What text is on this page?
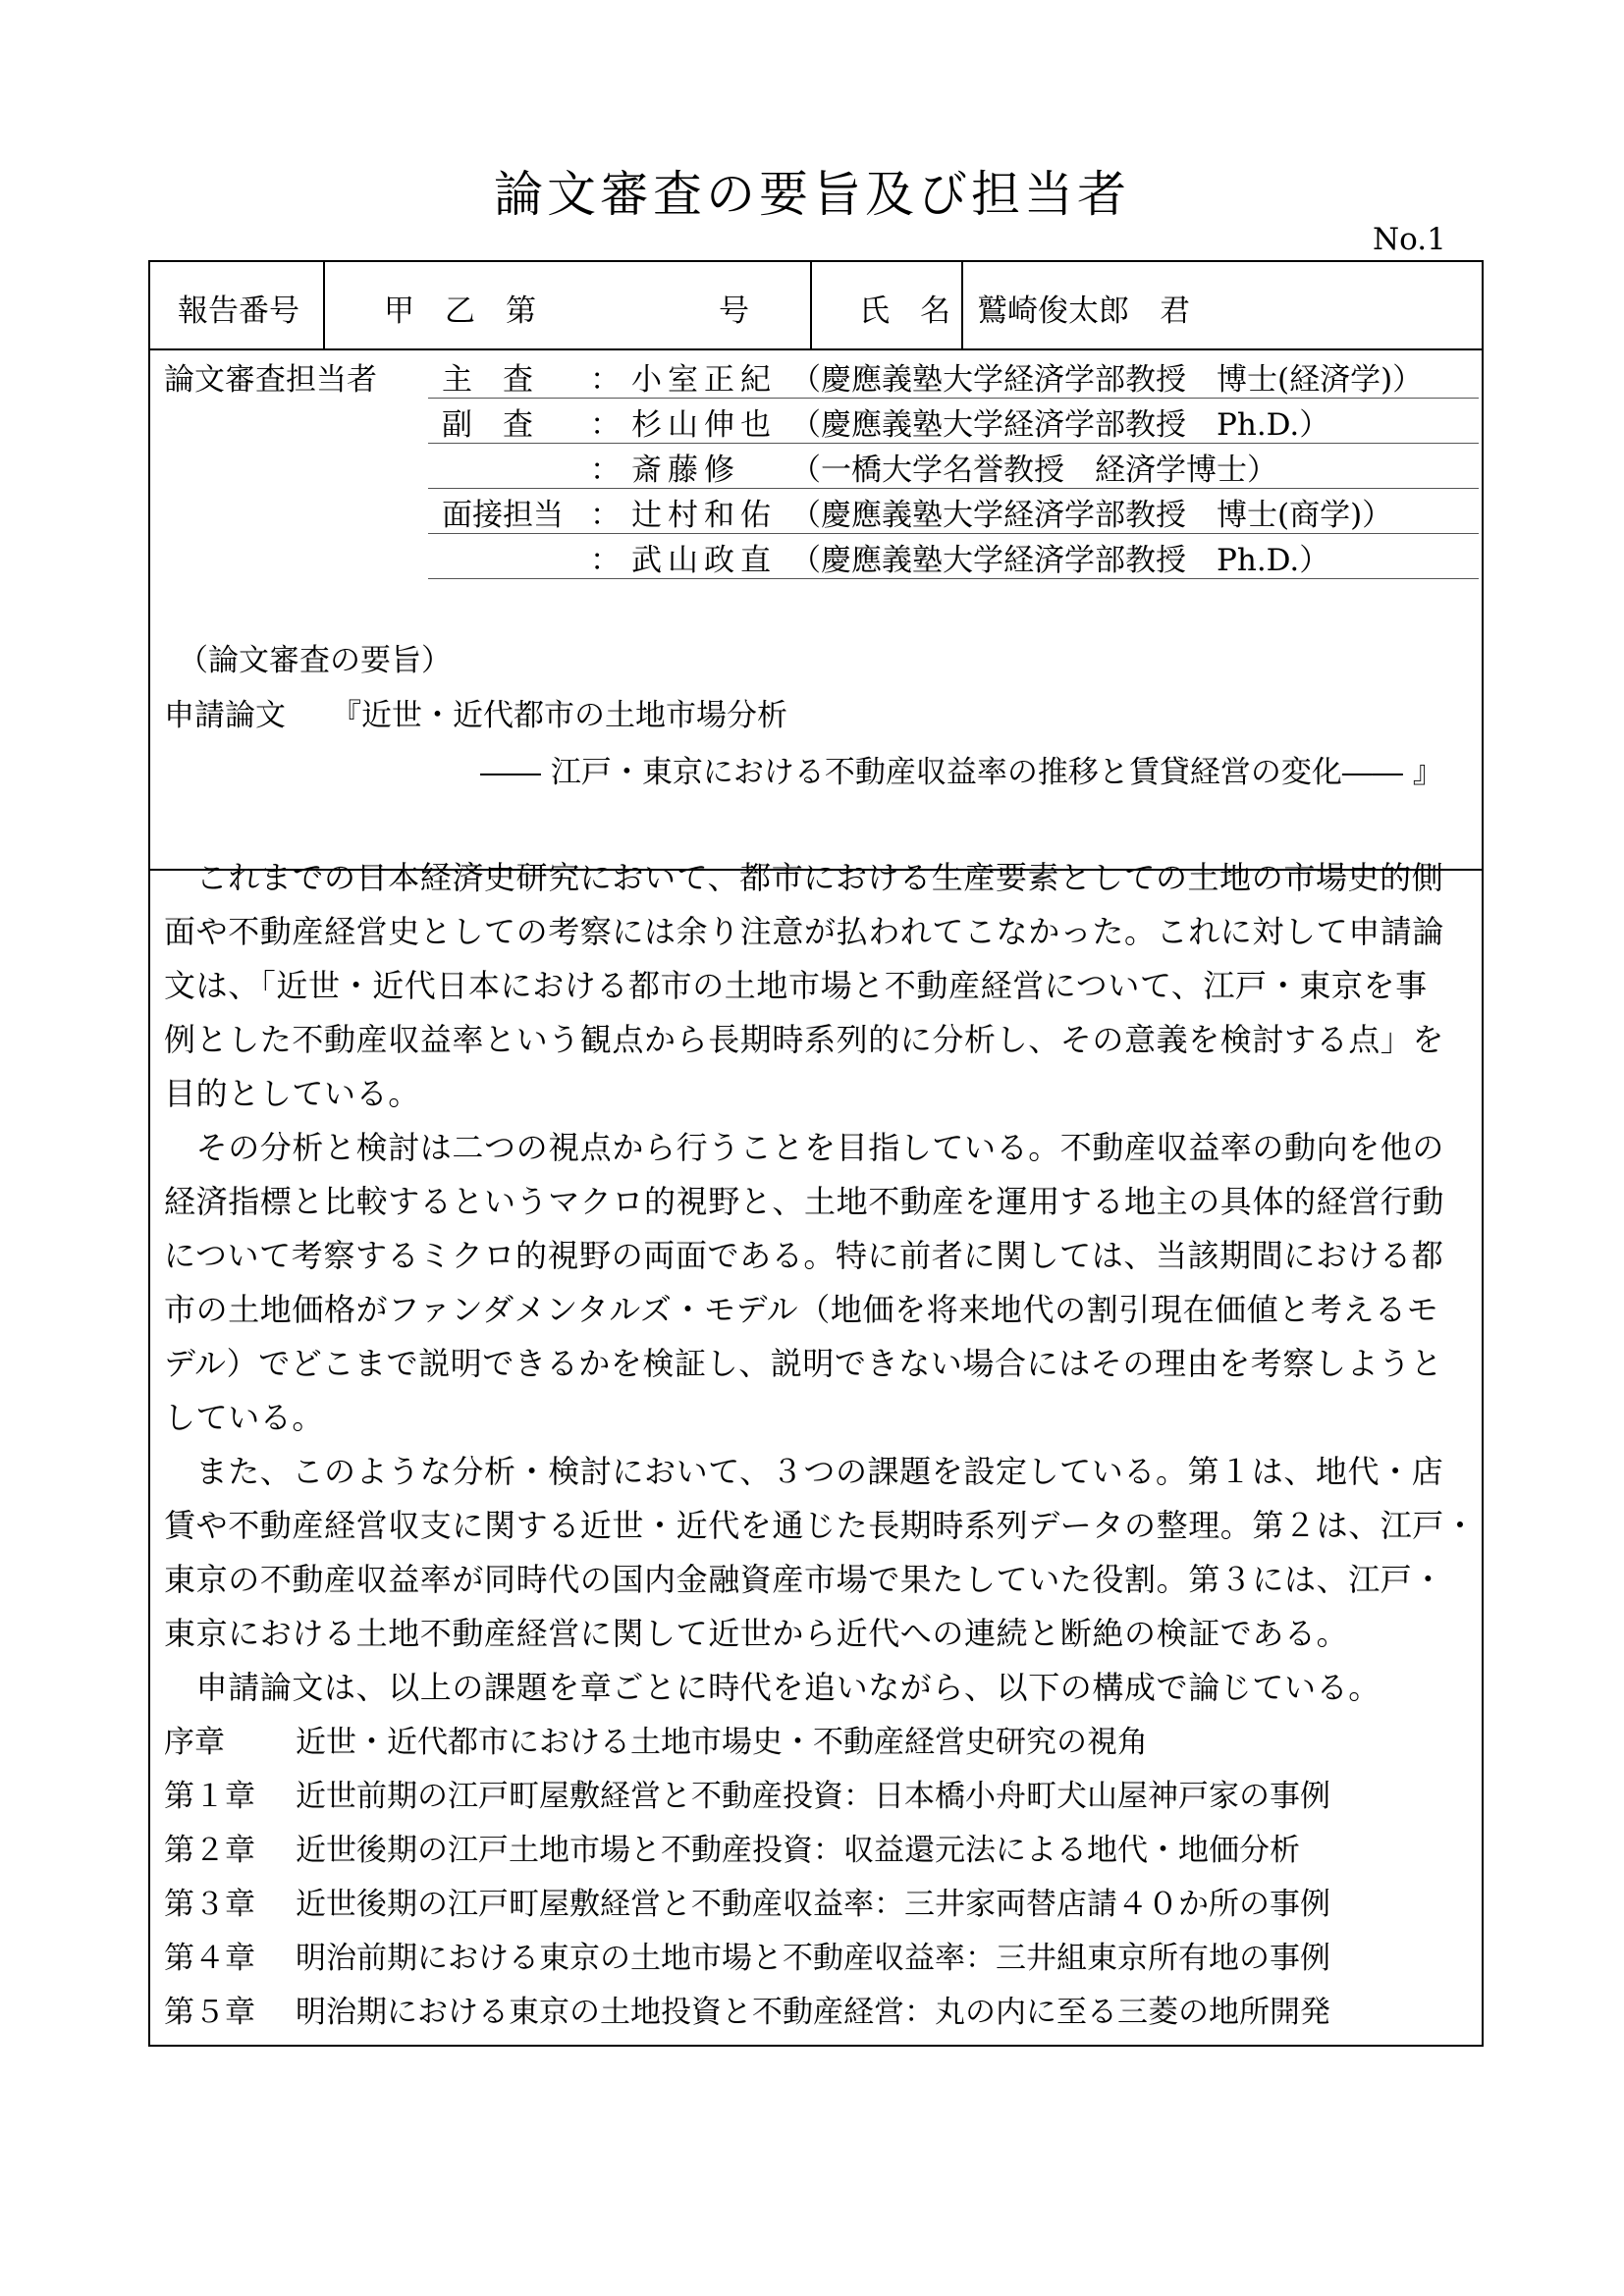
論文審査の要旨及び担当者
No.1
報告番号	甲　乙　第　　　　　　号	氏　名 鷲崎俊太郎　君
論文審査担当者 主　査 ： 小室正紀 （慶應義塾大学経済学部教授　博士(経済学)）
副　査 ： 杉山伸也 （慶應義塾大学経済学部教授　Ph.D.）
： 斎藤修 （一橋大学名誉教授　経済学博士）
面接担当 ： 辻村和佑 （慶應義塾大学経済学部教授　博士(商学)）
： 武山政直 （慶應義塾大学経済学部教授　Ph.D.）
（論文審査の要旨）
申請論文 『近世・近代都市の土地市場分析
―― 江戸・東京における不動産収益率の推移と賃貸経営の変化―― 』
　これまでの日本経済史研究において、都市における生産要素としての土地の市場史的側
面や不動産経営史としての考察には余り注意が払われてこなかった。これに対して申請論
文は、「近世・近代日本における都市の土地市場と不動産経営について、江戸・東京を事
例とした不動産収益率という観点から長期時系列的に分析し、その意義を検討する点」を
目的としている。
　その分析と検討は二つの視点から行うことを目指している。不動産収益率の動向を他の
経済指標と比較するというマクロ的視野と、土地不動産を運用する地主の具体的経営行動
について考察するミクロ的視野の両面である。特に前者に関しては、当該期間における都
市の土地価格がファンダメンタルズ・モデル（地価を将来地代の割引現在価値と考えるモ
デル）でどこまで説明できるかを検証し、説明できない場合にはその理由を考察しようと
している。
　また、このような分析・検討において、３つの課題を設定している。第１は、地代・店
賃や不動産経営収支に関する近世・近代を通じた長期時系列データの整理。第２は、江戸・
東京の不動産収益率が同時代の国内金融資産市場で果たしていた役割。第３には、江戸・
東京における土地不動産経営に関して近世から近代への連続と断絶の検証である。
　申請論文は、以上の課題を章ごとに時代を追いながら、以下の構成で論じている。
序章 近世・近代都市における土地市場史・不動産経営史研究の視角
第１章 近世前期の江戸町屋敷経営と不動産投資：日本橋小舟町犬山屋神戸家の事例
第２章 近世後期の江戸土地市場と不動産投資：収益還元法による地代・地価分析
第３章 近世後期の江戸町屋敷経営と不動産収益率：三井家両替店請４０か所の事例
第４章 明治前期における東京の土地市場と不動産収益率：三井組東京所有地の事例
第５章 明治期における東京の土地投資と不動産経営：丸の内に至る三菱の地所開発
